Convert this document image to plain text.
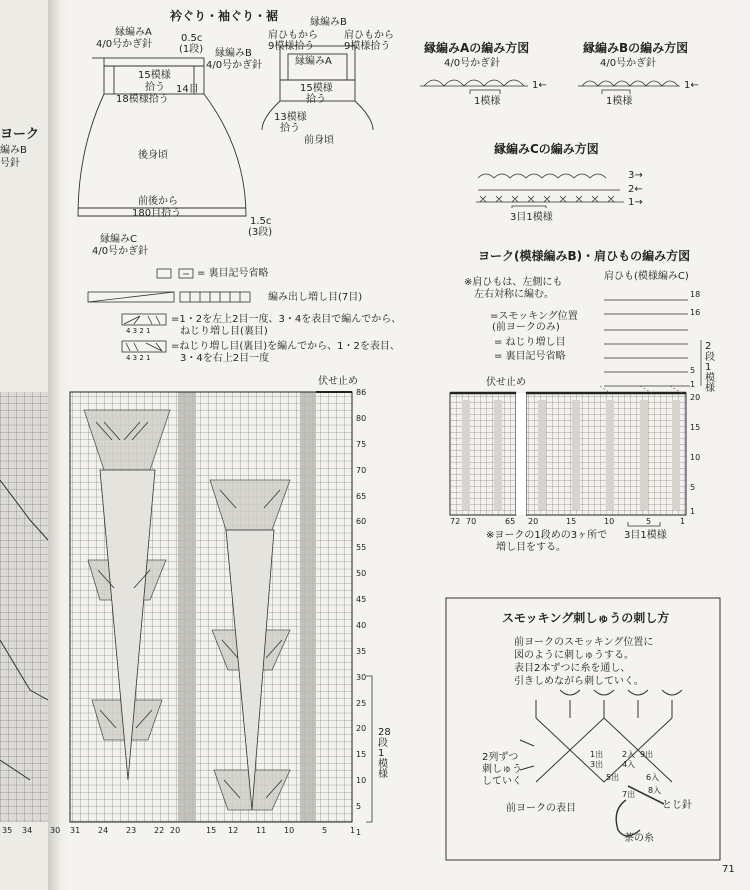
ヨーク
編みB
号針
衿ぐり・袖ぐり・裾
縁編みA
4/0号かぎ針
0.5c
(1段) 縁編みB
4/0号かぎ針
15模様
拾う
18模様拾う
14目
後身頃
前後から
180目拾う
1.5c
(3段)
縁編みC
4/0号かぎ針
縁編みB
肩ひもから
9模様拾う
肩ひもから
9模様拾う
縁編みA
15模様
拾う
13模様
拾う
前身頃
= 裏目記号省略
編み出し増し目(7目)
=1・2を左上2目一度、3・4を表目で編んでから、
ねじり増し目(裏目)
=ねじり増し目(裏目)を編んでから、1・2を表目、
3・4を右上2目一度
4 3 2 1
4 3 2 1
伏せ止め
86
80
75
70
65
60
55
50
45
40
35
30
25
20
15
10
5
1
31 24 23 22 20	15 12 11 10	5	1
28段1模様
35 34 30
縁編みAの編み方図
4/0号かぎ針
1模様
1←
縁編みBの編み方図
4/0号かぎ針
1模様
1←
縁編みCの編み方図
3→
2←
1→
3目1模様
ヨーク(模様編みB)・肩ひもの編み方図
※肩ひもは、左側にも
左右対称に編む。
肩ひも(模様編みC)
=スモッキング位置
(前ヨークのみ)
= ねじり増し目
= 裏目記号省略
伏せ止め
18
16
5
1
2段1模様
20
15
10
5
1
72 70	65 20	15	10	5	1
3目1模様
※ヨークの1段めの3ヶ所で
増し目をする。
スモッキング刺しゅうの刺し方
前ヨークのスモッキング位置に
図のように刺しゅうする。
表目2本ずつに糸を通し、
引きしめながら刺していく。
2列ずつ
刺しゅう
していく
前ヨークの表目	とじ針
茶の糸
1出 2入
3出 4入
5出	6入
7出 8入
9出
71
